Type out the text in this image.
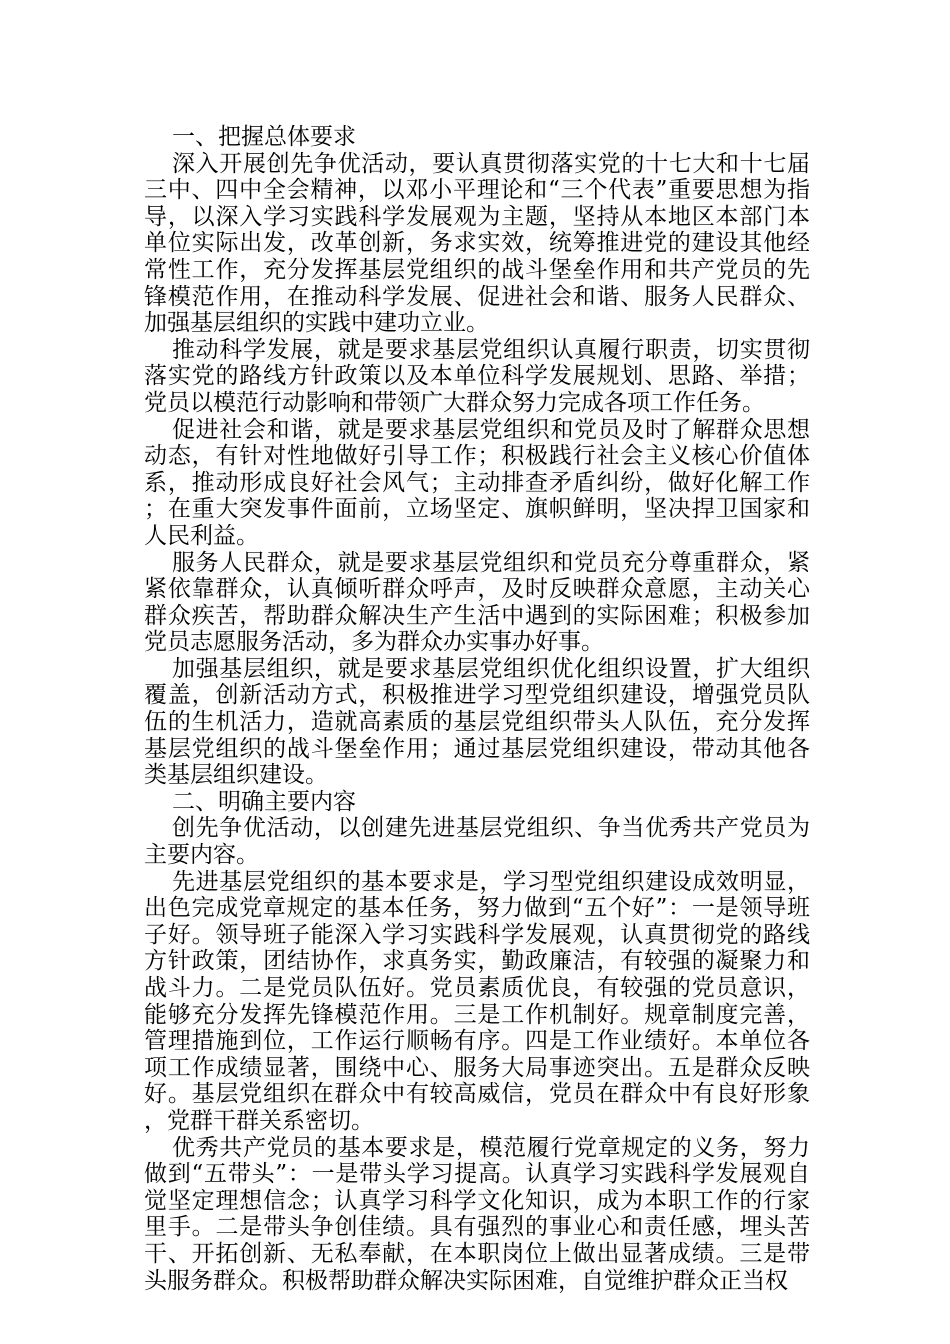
一、把握总体要求

深入开展创先争优活动，要认真贯彻落实党的十七大和十七届三中、四中全会精神，以邓小平理论和“三个代表”重要思想为指导，以深入学习实践科学发展观为主题，坚持从本地区本部门本单位实际出发，改革创新，务求实效，统筹推进党的建设其他经常性工作，充分发挥基层党组织的战斗堡垒作用和共产党员的先锋模范作用，在推动科学发展、促进社会和谐、服务人民群众、加强基层组织的实践中建功立业。

推动科学发展，就是要求基层党组织认真履行职责，切实贯彻落实党的路线方针政策以及本单位科学发展规划、思路、举措；党员以模范行动影响和带领广大群众努力完成各项工作任务。

促进社会和谐，就是要求基层党组织和党员及时了解群众思想动态，有针对性地做好引导工作；积极践行社会主义核心价值体系，推动形成良好社会风气；主动排查矛盾纠纷，做好化解工作；在重大突发事件面前，立场坚定、旗帜鲜明，坚决捍卫国家和人民利益。

服务人民群众，就是要求基层党组织和党员充分尊重群众，紧紧依靠群众，认真倾听群众呼声，及时反映群众意愿，主动关心群众疾苦，帮助群众解决生产生活中遇到的实际困难；积极参加党员志愿服务活动，多为群众办实事办好事。

加强基层组织，就是要求基层党组织优化组织设置，扩大组织覆盖，创新活动方式，积极推进学习型党组织建设，增强党员队伍的生机活力，造就高素质的基层党组织带头人队伍，充分发挥基层党组织的战斗堡垒作用；通过基层党组织建设，带动其他各类基层组织建设。

二、明确主要内容

创先争优活动，以创建先进基层党组织、争当优秀共产党员为主要内容。

先进基层党组织的基本要求是，学习型党组织建设成效明显，出色完成党章规定的基本任务，努力做到“五个好”：一是领导班子好。领导班子能深入学习实践科学发展观，认真贯彻党的路线方针政策，团结协作，求真务实，勤政廉洁，有较强的凝聚力和战斗力。二是党员队伍好。党员素质优良，有较强的党员意识，能够充分发挥先锋模范作用。三是工作机制好。规章制度完善，管理措施到位，工作运行顺畅有序。四是工作业绩好。本单位各项工作成绩显著，围绕中心、服务大局事迹突出。五是群众反映好。基层党组织在群众中有较高威信，党员在群众中有良好形象，党群干群关系密切。

优秀共产党员的基本要求是，模范履行党章规定的义务，努力做到“五带头”：一是带头学习提高。认真学习实践科学发展观自觉坚定理想信念；认真学习科学文化知识，成为本职工作的行家里手。二是带头争创佳绩。具有强烈的事业心和责任感，埋头苦干、开拓创新、无私奉献，在本职岗位上做出显著成绩。三是带头服务群众。积极帮助群众解决实际困难，自觉维护群众正当权
